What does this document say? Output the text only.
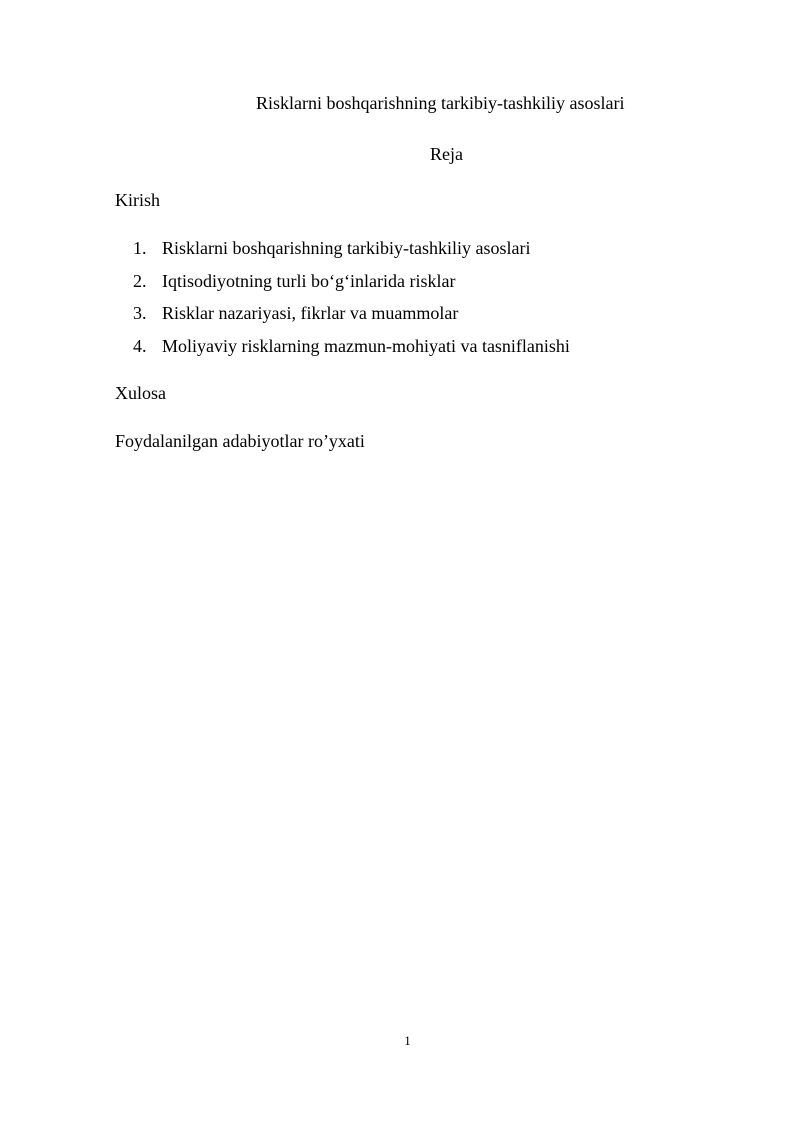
Risklarni boshqarishning tarkibiy-tashkiliy asoslari
Reja
Kirish
1. Risklarni boshqarishning tarkibiy-tashkiliy asoslari
2. Iqtisodiyotning turli bo‘g‘inlarida risklar
3. Risklar nazariyasi, fikrlar va muammolar
4. Moliyaviy risklarning mazmun-mohiyati va tasniflanishi
Xulosa
Foydalanilgan adabiyotlar ro’yxati
1
